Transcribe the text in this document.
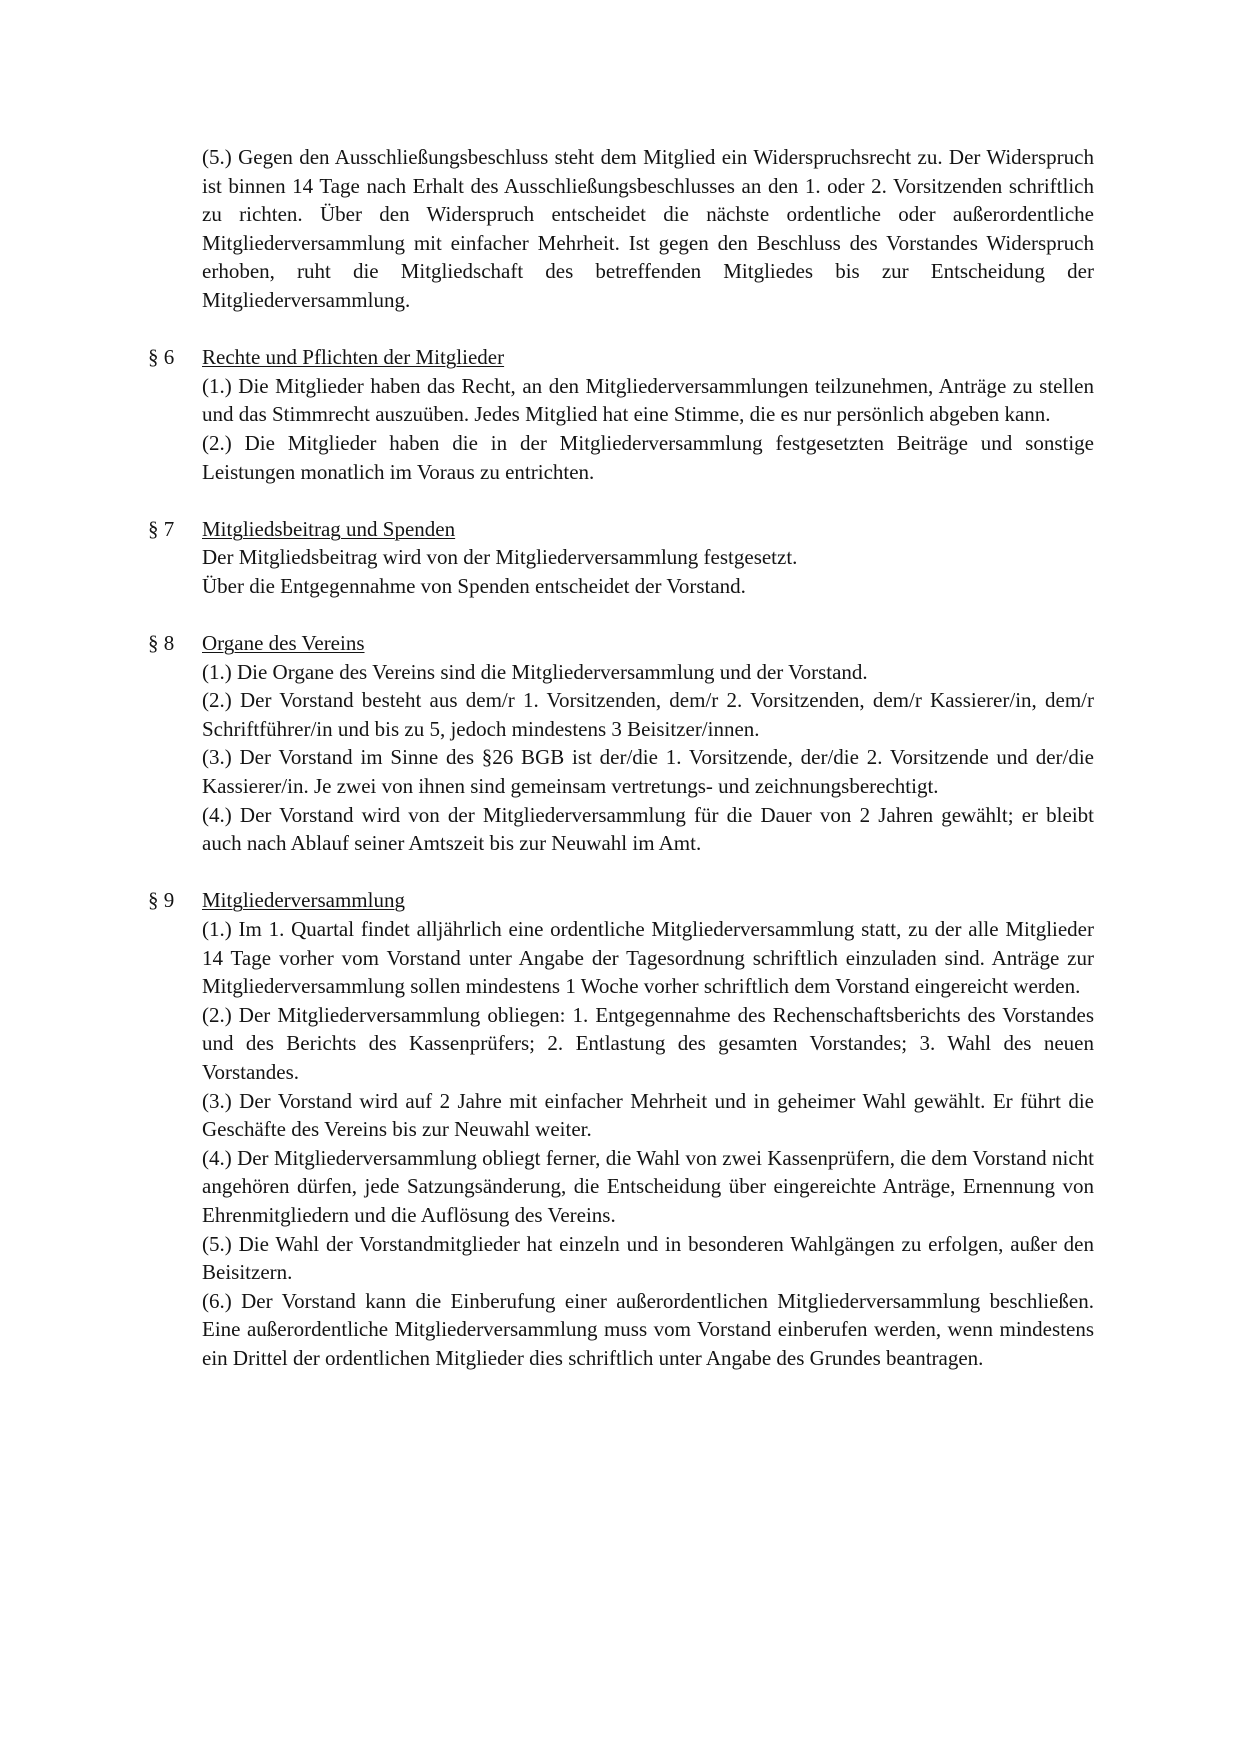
(5.) Gegen den Ausschließungsbeschluss steht dem Mitglied ein Widerspruchsrecht zu. Der Widerspruch ist binnen 14 Tage nach Erhalt des Ausschließungsbeschlusses an den 1. oder 2. Vorsitzenden schriftlich zu richten. Über den Widerspruch entscheidet die nächste ordentliche oder außerordentliche Mitgliederversammlung mit einfacher Mehrheit. Ist gegen den Beschluss des Vorstandes Widerspruch erhoben, ruht die Mitgliedschaft des betreffenden Mitgliedes bis zur Entscheidung der Mitgliederversammlung.

§ 6	Rechte und Pflichten der Mitglieder

(1.) Die Mitglieder haben das Recht, an den Mitgliederversammlungen teilzunehmen, Anträge zu stellen und das Stimmrecht auszuüben. Jedes Mitglied hat eine Stimme, die es nur persönlich abgeben kann.

(2.) Die Mitglieder haben die in der Mitgliederversammlung festgesetzten Beiträge und sonstige Leistungen monatlich im Voraus zu entrichten.

§ 7	Mitgliedsbeitrag und Spenden

Der Mitgliedsbeitrag wird von der Mitgliederversammlung festgesetzt.

Über die Entgegennahme von Spenden entscheidet der Vorstand.

§ 8	Organe des Vereins

(1.) Die Organe des Vereins sind die Mitgliederversammlung und der Vorstand.

(2.) Der Vorstand besteht aus dem/r 1. Vorsitzenden, dem/r 2. Vorsitzenden, dem/r Kassierer/in, dem/r Schriftführer/in und bis zu 5, jedoch mindestens 3 Beisitzer/innen.

(3.) Der Vorstand im Sinne des §26 BGB ist der/die 1. Vorsitzende, der/die 2. Vorsitzende und der/die Kassierer/in. Je zwei von ihnen sind gemeinsam vertretungs- und zeichnungsberechtigt.

(4.) Der Vorstand wird von der Mitgliederversammlung für die Dauer von 2 Jahren gewählt; er bleibt auch nach Ablauf seiner Amtszeit bis zur Neuwahl im Amt.

§ 9	Mitgliederversammlung

(1.) Im 1. Quartal findet alljährlich eine ordentliche Mitgliederversammlung statt, zu der alle Mitglieder 14 Tage vorher vom Vorstand unter Angabe der Tagesordnung schriftlich einzuladen sind. Anträge zur Mitgliederversammlung sollen mindestens 1 Woche vorher schriftlich dem Vorstand eingereicht werden.

(2.) Der Mitgliederversammlung obliegen: 1. Entgegennahme des Rechenschaftsberichts des Vorstandes und des Berichts des Kassenprüfers; 2. Entlastung des gesamten Vorstandes; 3. Wahl des neuen Vorstandes.

(3.) Der Vorstand wird auf 2 Jahre mit einfacher Mehrheit und in geheimer Wahl gewählt. Er führt die Geschäfte des Vereins bis zur Neuwahl weiter.

(4.) Der Mitgliederversammlung obliegt ferner, die Wahl von zwei Kassenprüfern, die dem Vorstand nicht angehören dürfen, jede Satzungsänderung, die Entscheidung über eingereichte Anträge, Ernennung von Ehrenmitgliedern und die Auflösung des Vereins.

(5.) Die Wahl der Vorstandmitglieder hat einzeln und in besonderen Wahlgängen zu erfolgen, außer den Beisitzern.

(6.) Der Vorstand kann die Einberufung einer außerordentlichen Mitgliederversammlung beschließen. Eine außerordentliche Mitgliederversammlung muss vom Vorstand einberufen werden, wenn mindestens ein Drittel der ordentlichen Mitglieder dies schriftlich unter Angabe des Grundes beantragen.
